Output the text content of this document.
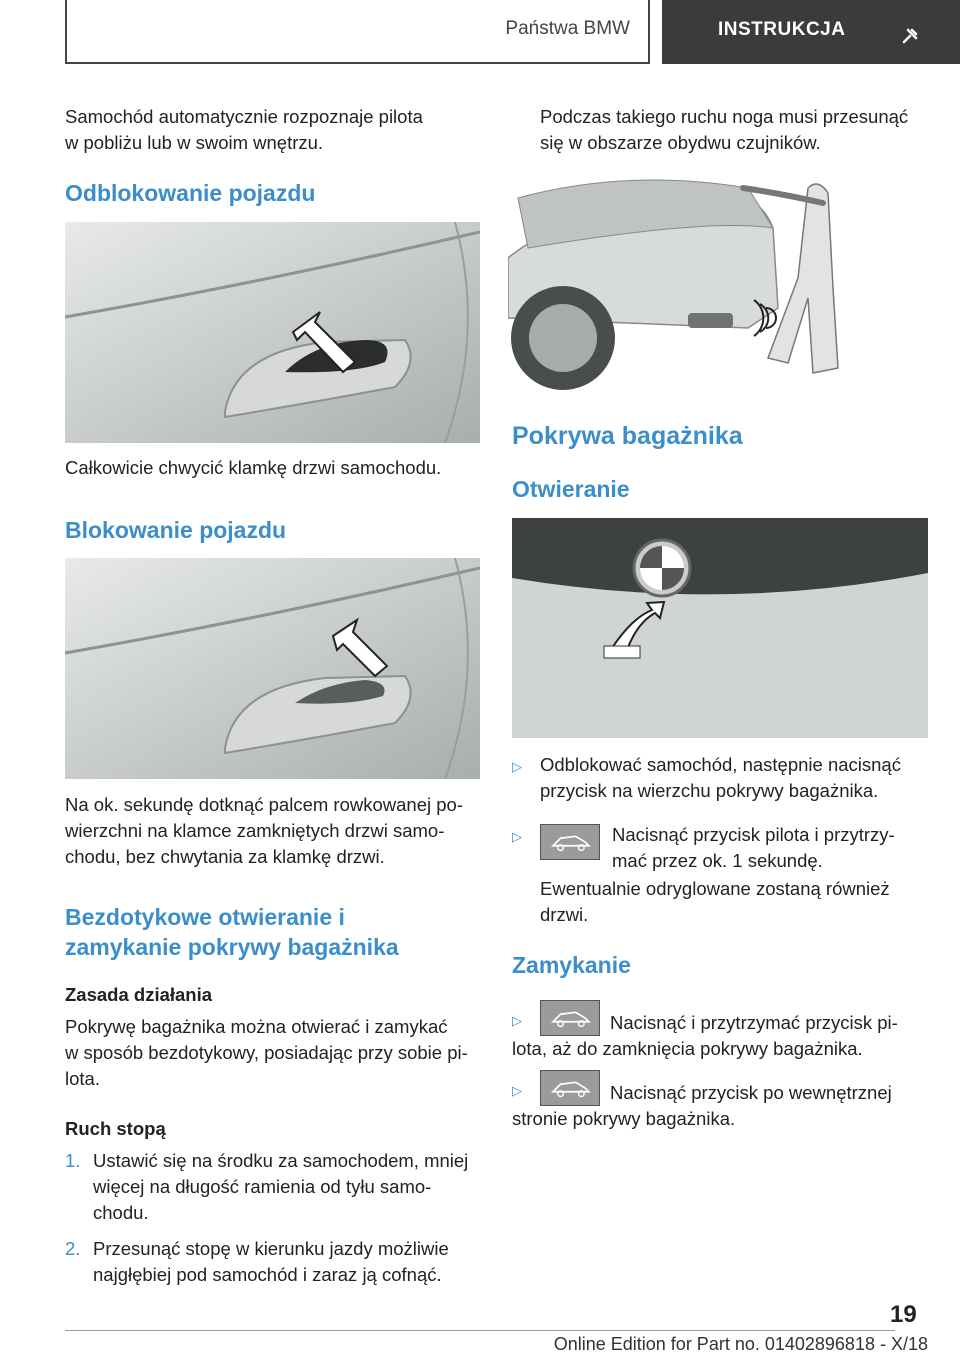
Państwa BMW	INSTRUKCJA
Samochód automatycznie rozpoznaje pilota
w pobliżu lub w swoim wnętrzu.
Odblokowanie pojazdu
Całkowicie chwycić klamkę drzwi samochodu.
Blokowanie pojazdu
Na ok. sekundę dotknąć palcem rowkowanej po-
wierzchni na klamce zamkniętych drzwi samo-
chodu, bez chwytania za klamkę drzwi.
Bezdotykowe otwieranie i
zamykanie pokrywy bagażnika
Zasada działania
Pokrywę bagażnika można otwierać i zamykać
w sposób bezdotykowy, posiadając przy sobie pi-
lota.
Ruch stopą
1. Ustawić się na środku za samochodem, mniej
więcej na długość ramienia od tyłu samo-
chodu.
2. Przesunąć stopę w kierunku jazdy możliwie
najgłębiej pod samochód i zaraz ją cofnąć.
Podczas takiego ruchu noga musi przesunąć
się w obszarze obydwu czujników.
Pokrywa bagażnika
Otwieranie
▷ Odblokować samochód, następnie nacisnąć
przycisk na wierzchu pokrywy bagażnika.
▷	Nacisnąć przycisk pilota i przytrzy-
mać przez ok. 1 sekundę.
Ewentualnie odryglowane zostaną również
drzwi.
Zamykanie
▷	Nacisnąć i przytrzymać przycisk pi-
lota, aż do zamknięcia pokrywy bagażnika.
▷	Nacisnąć przycisk po wewnętrznej
stronie pokrywy bagażnika.
19
Online Edition for Part no. 01402896818 - X/18
